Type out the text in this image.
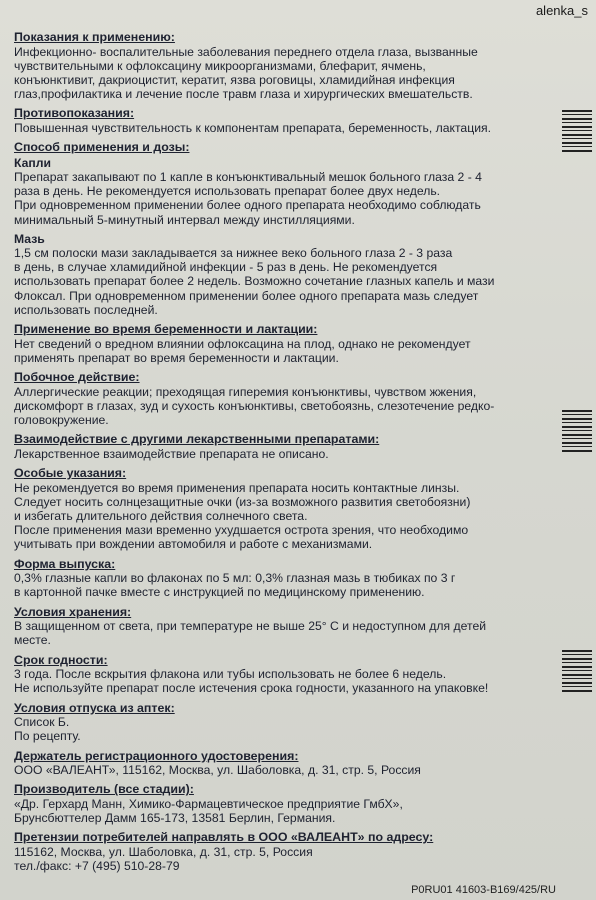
alenka_s
Показания к применению:
Инфекционно- воспалительные заболевания переднего отдела глаза, вызванные
чувствительными к офлоксацину микроорганизмами, блефарит, ячмень,
конъюнктивит, дакриоцистит, кератит, язва роговицы, хламидийная инфекция
глаз,профилактика и лечение после травм глаза и хирургических вмешательств.
Противопоказания:
Повышенная чувствительность к компонентам препарата, беременность, лактация.
Способ применения и дозы:
Капли
Препарат закапывают по 1 капле в конъюнктивальный мешок больного глаза 2 - 4
раза в день. Не рекомендуется использовать препарат более двух недель.
При одновременном применении более одного препарата необходимо соблюдать
минимальный 5-минутный интервал между инстилляциями.
Мазь
1,5 см полоски мази закладывается за нижнее веко больного глаза 2 - 3 раза
в день, в случае хламидийной инфекции - 5 раз в день. Не рекомендуется
использовать препарат более 2 недель. Возможно сочетание глазных капель и мази
Флоксал. При одновременном применении более одного препарата мазь следует
использовать последней.
Применение во время беременности и лактации:
Нет сведений о вредном влиянии офлоксацина на плод, однако не рекомендует
применять препарат во время беременности и лактации.
Побочное действие:
Аллергические реакции; преходящая гиперемия конъюнктивы, чувством жжения,
дискомфорт в глазах, зуд и сухость конъюнктивы, светобоязнь, слезотечение редко-
головокружение.
Взаимодействие с другими лекарственными препаратами:
Лекарственное взаимодействие препарата не описано.
Особые указания:
Не рекомендуется во время применения препарата носить контактные линзы.
Следует носить солнцезащитные очки (из-за возможного развития светобоязни)
и избегать длительного действия солнечного света.
После применения мази временно ухудшается острота зрения, что необходимо
учитывать при вождении автомобиля и работе с механизмами.
Форма выпуска:
0,3% глазные капли во флаконах по 5 мл: 0,3% глазная мазь в тюбиках по 3 г
в картонной пачке вместе с инструкцией по медицинскому применению.
Условия хранения:
В защищенном от света, при температуре не выше 25° С и недоступном для детей
месте.
Срок годности:
3 года. После вскрытия флакона или тубы использовать не более 6 недель.
Не используйте препарат после истечения срока годности, указанного на упаковке!
Условия отпуска из аптек:
Список Б.
По рецепту.
Держатель регистрационного удостоверения:
ООО «ВАЛЕАНТ», 115162, Москва, ул. Шаболовка, д. 31, стр. 5, Россия
Производитель (все стадии):
«Др. Герхард Манн, Химико-Фармацевтическое предприятие ГмбХ»,
Брунсбюттелер Дамм 165-173, 13581 Берлин, Германия.
Претензии потребителей направлять в ООО «ВАЛЕАНТ» по адресу:
115162, Москва, ул. Шаболовка, д. 31, стр. 5, Россия
тел./факс: +7 (495) 510-28-79
P0RU01 41603-B169/425/RU
